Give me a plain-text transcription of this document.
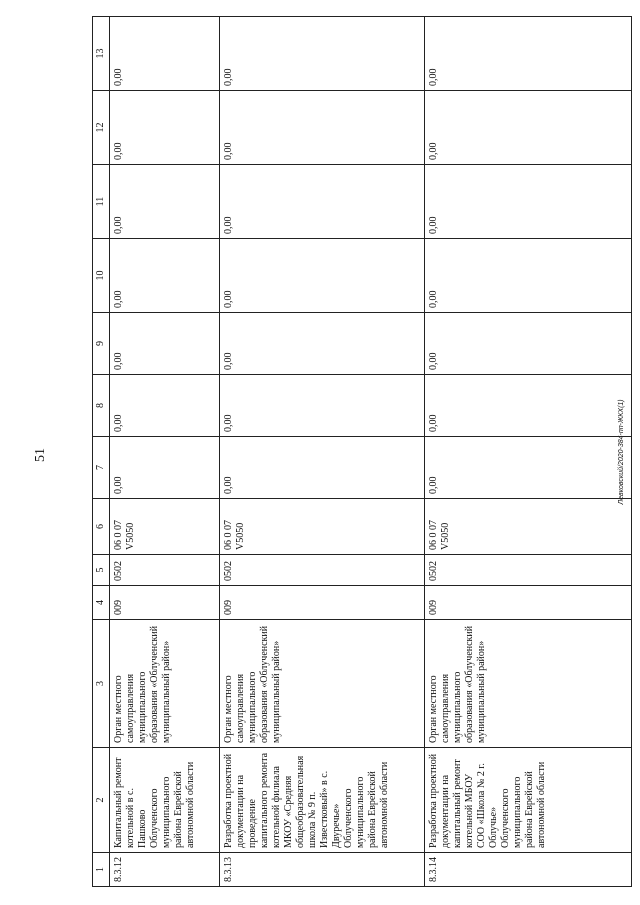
51	Левковский/2020-384-пп-ЖКХ(1)
1	2	3	4	5	6	7	8	9	10	11	12	13
8.3.12	Капитальный ремонт котельной в с. Пашково Облученского муниципального района Еврейской автономной области	Орган местного самоуправления муниципального образования «Облученский муниципальный район»	009	0502	06 0 07 V5050	0,00	0,00	0,00	0,00	0,00	0,00	0,00
8.3.13	Разработка проектной документации на проведение капитального ремонта котельной филиала МКОУ «Средняя общеобразовательная школа № 9 п. Известковый» в с. Двуречье» Облученского муниципального района Еврейской автономной области	Орган местного самоуправления муниципального образования «Облученский муниципальный район»	009	0502	06 0 07 V5050	0,00	0,00	0,00	0,00	0,00	0,00	0,00
8.3.14	Разработка проектной документации на капитальный ремонт котельной МБОУ СОО «Школа № 2 г. Облучье» Облученского муниципального района Еврейской автономной области	Орган местного самоуправления муниципального образования «Облученский муниципальный район»	009	0502	06 0 07 V5050	0,00	0,00	0,00	0,00	0,00	0,00	0,00
